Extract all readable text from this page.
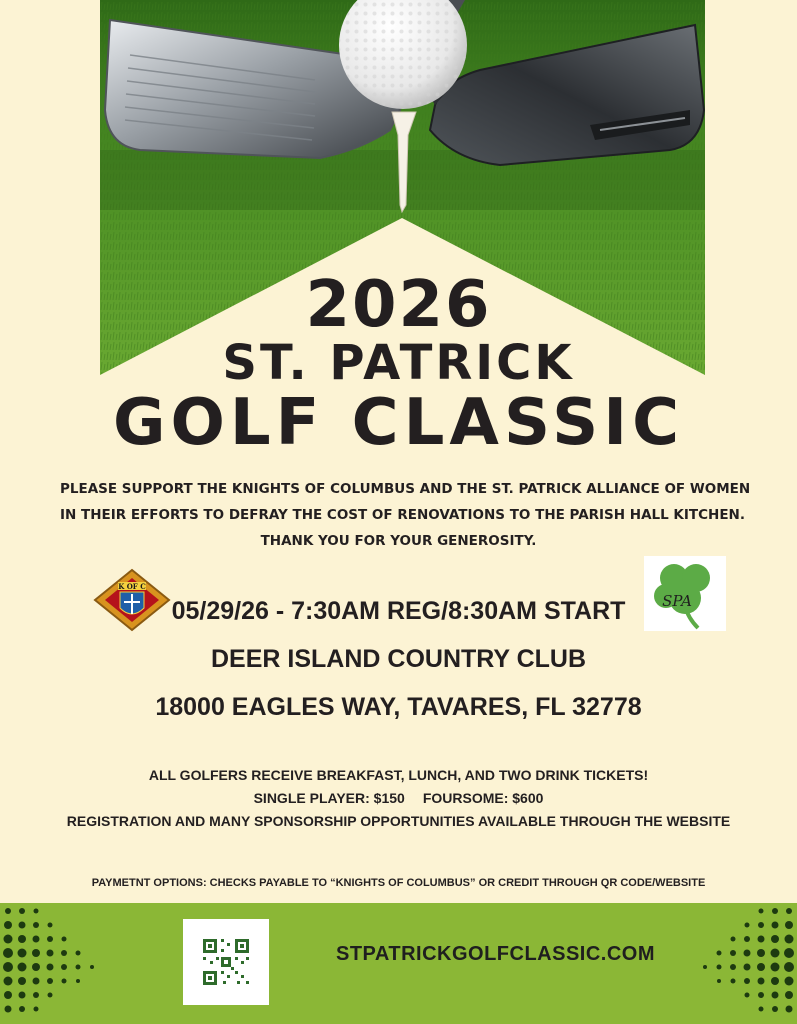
2026
ST. PATRICK
GOLF CLASSIC
PLEASE SUPPORT THE KNIGHTS OF COLUMBUS AND THE ST. PATRICK ALLIANCE OF WOMEN
IN THEIR EFFORTS TO DEFRAY THE COST OF RENOVATIONS TO THE PARISH HALL KITCHEN.
THANK YOU FOR YOUR GENEROSITY.
K OF C
SPA
05/29/26 - 7:30AM REG/8:30AM START
DEER ISLAND COUNTRY CLUB
18000 EAGLES WAY, TAVARES, FL 32778
ALL GOLFERS RECEIVE BREAKFAST, LUNCH, AND TWO DRINK TICKETS!
SINGLE PLAYER: $150 FOURSOME: $600
REGISTRATION AND MANY SPONSORSHIP OPPORTUNITIES AVAILABLE THROUGH THE WEBSITE
PAYMETNT OPTIONS: CHECKS PAYABLE TO “KNIGHTS OF COLUMBUS” OR CREDIT THROUGH QR CODE/WEBSITE
STPATRICKGOLFCLASSIC.COM
